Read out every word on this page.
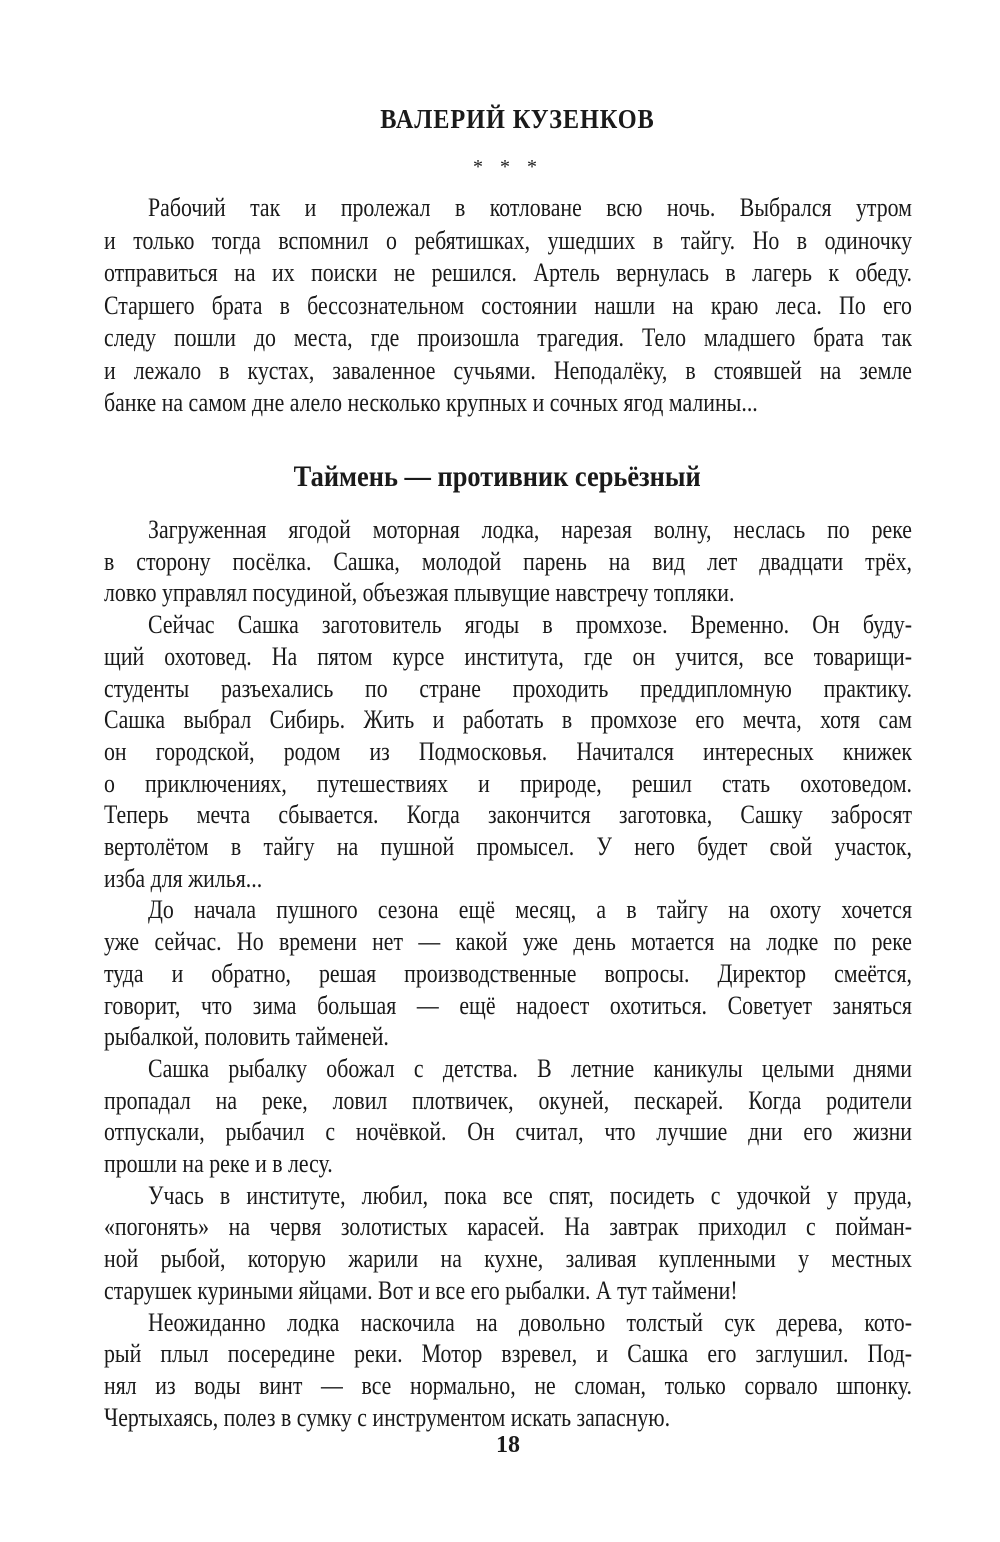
ВАЛЕРИЙ КУЗЕНКОВ
* * *
Рабочий так и пролежал в котловане всю ночь. Выбрался утром
и только тогда вспомнил о ребятишках, ушедших в тайгу. Но в одиночку
отправиться на их поиски не решился. Артель вернулась в лагерь к обеду.
Старшего брата в бессознательном состоянии нашли на краю леса. По его
следу пошли до места, где произошла трагедия. Тело младшего брата так
и лежало в кустах, заваленное сучьями. Неподалёку, в стоявшей на земле
банке на самом дне алело несколько крупных и сочных ягод малины...
Таймень — противник серьёзный
Загруженная ягодой моторная лодка, нарезая волну, неслась по реке
в сторону посёлка. Сашка, молодой парень на вид лет двадцати трёх,
ловко управлял посудиной, объезжая плывущие навстречу топляки.
Сейчас Сашка заготовитель ягоды в промхозе. Временно. Он буду-
щий охотовед. На пятом курсе института, где он учится, все товарищи-
студенты разъехались по стране проходить преддипломную практику.
Сашка выбрал Сибирь. Жить и работать в промхозе его мечта, хотя сам
он городской, родом из Подмосковья. Начитался интересных книжек
о приключениях, путешествиях и природе, решил стать охотоведом.
Теперь мечта сбывается. Когда закончится заготовка, Сашку забросят
вертолётом в тайгу на пушной промысел. У него будет свой участок,
изба для жилья...
До начала пушного сезона ещё месяц, а в тайгу на охоту хочется
уже сейчас. Но времени нет — какой уже день мотается на лодке по реке
туда и обратно, решая производственные вопросы. Директор смеётся,
говорит, что зима большая — ещё надоест охотиться. Советует заняться
рыбалкой, половить тайменей.
Сашка рыбалку обожал с детства. В летние каникулы целыми днями
пропадал на реке, ловил плотвичек, окуней, пескарей. Когда родители
отпускали, рыбачил с ночёвкой. Он считал, что лучшие дни его жизни
прошли на реке и в лесу.
Учась в институте, любил, пока все спят, посидеть с удочкой у пруда,
«погонять» на червя золотистых карасей. На завтрак приходил с пойман-
ной рыбой, которую жарили на кухне, заливая купленными у местных
старушек куриными яйцами. Вот и все его рыбалки. А тут таймени!
Неожиданно лодка наскочила на довольно толстый сук дерева, кото-
рый плыл посередине реки. Мотор взревел, и Сашка его заглушил. Под-
нял из воды винт — все нормально, не сломан, только сорвало шпонку.
Чертыхаясь, полез в сумку с инструментом искать запасную.
18
